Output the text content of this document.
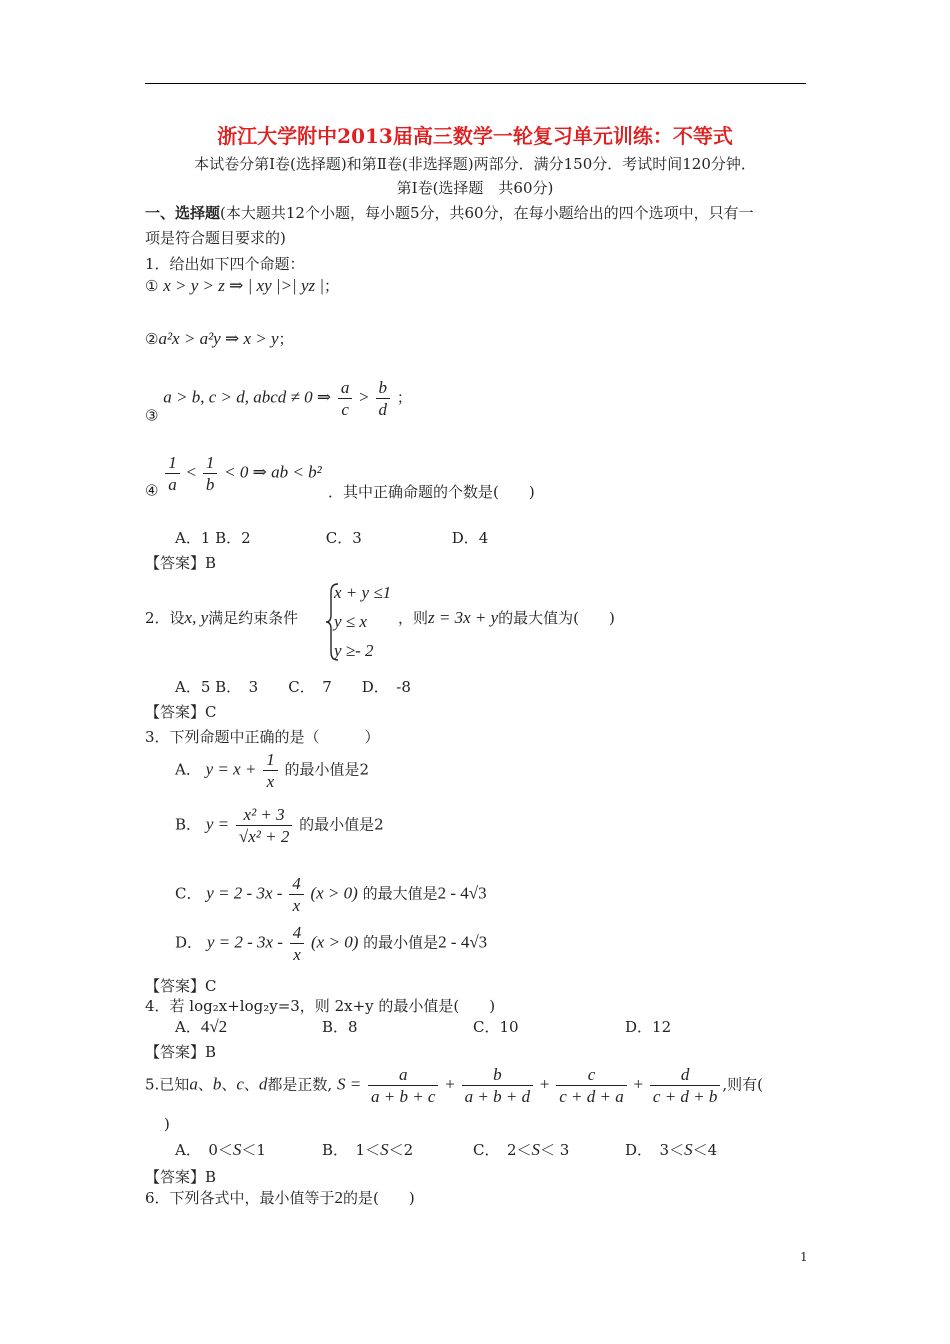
浙江大学附中2013届高三数学一轮复习单元训练：不等式
本试卷分第Ⅰ卷(选择题)和第Ⅱ卷(非选择题)两部分．满分150分．考试时间120分钟．
第Ⅰ卷(选择题　共60分)
一、选择题(本大题共12个小题，每小题5分，共60分，在每小题给出的四个选项中，只有一
项是符合题目要求的)
1．给出如下四个命题：
① x > y > z ⇒ | xy |>| yz |；
②a²x > a²y ⇒ x > y；
③ a > b, c > d, abcd ≠ 0 ⇒ $\frac{a}{c} > \frac{b}{d}$ ；
④ $\frac{1}{a} < \frac{1}{b} < 0$ ⇒ ab < b²
．其中正确命题的个数是(　　)
A．1 B．2　　　　　C．3　　　　　　D．4
【答案】B
2．设x, y满足约束条件
x + y ≤1
y ≤ x
y ≥- 2
，则z = 3x + y的最大值为(　　)
A．5 B．　3　　C．　7　　D．　-8
【答案】C
3．下列命题中正确的是（　　　）
A． $y = x + \frac{1}{x}$ 的最小值是2
B． $y = \frac{\text{x² + 3}}{\text{√x² + 2}}$ 的最小值是2
C． $y = 2 - 3x - \frac{4}{x} (x > 0)$ 的最大值是2 - 4√3
D． $y = 2 - 3x - \frac{4}{x} (x > 0)$ 的最小值是2 - 4√3
【答案】C
4．若 log₂x+log₂y=3，则 2x+y 的最小值是(　　)
A．4√2	B．8	C．10	D．12
【答案】B
5.已知a、b、c、d都是正数, $S = \frac{a}{a + b + c} + \frac{b}{a + b + d} + \frac{c}{c + d + a} + \frac{d}{c + d + b}$ ,则有(
)
A．　0＜S＜1	B．　1＜S＜2	C．　2＜S＜ 3	D．　3＜S＜4
【答案】B
6．下列各式中，最小值等于2的是(　　)
1
